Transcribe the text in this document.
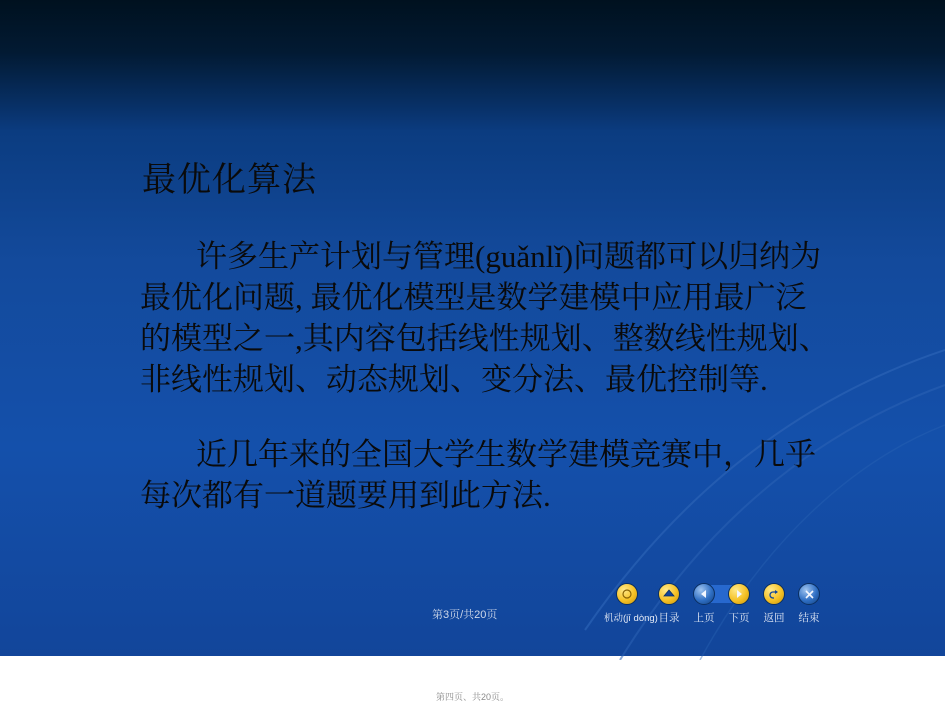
最优化算法

许多生产计划与管理(guǎnlǐ)问题都可以归纳为最优化问题, 最优化模型是数学建模中应用最广泛的模型之一,其内容包括线性规划、整数线性规划、非线性规划、动态规划、变分法、最优控制等.

近几年来的全国大学生数学建模竞赛中，几乎每次都有一道题要用到此方法.

第3页/共20页	机动(jī dòng) 目录	上页	下页	返回	结束
第四页、共20页。
